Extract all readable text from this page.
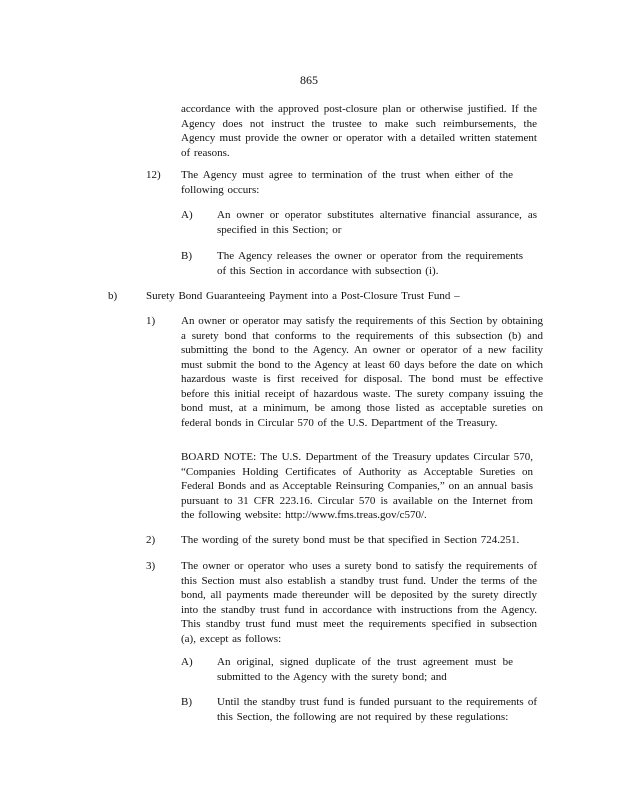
865
accordance with the approved post-closure plan or otherwise justified. If the Agency does not instruct the trustee to make such reimbursements, the Agency must provide the owner or operator with a detailed written statement of reasons.
12) The Agency must agree to termination of the trust when either of the following occurs:
A) An owner or operator substitutes alternative financial assurance, as specified in this Section; or
B) The Agency releases the owner or operator from the requirements of this Section in accordance with subsection (i).
b)	Surety Bond Guaranteeing Payment into a Post-Closure Trust Fund –
1) An owner or operator may satisfy the requirements of this Section by obtaining a surety bond that conforms to the requirements of this subsection (b) and submitting the bond to the Agency. An owner or operator of a new facility must submit the bond to the Agency at least 60 days before the date on which hazardous waste is first received for disposal. The bond must be effective before this initial receipt of hazardous waste. The surety company issuing the bond must, at a minimum, be among those listed as acceptable sureties on federal bonds in Circular 570 of the U.S. Department of the Treasury.
BOARD NOTE: The U.S. Department of the Treasury updates Circular 570, “Companies Holding Certificates of Authority as Acceptable Sureties on Federal Bonds and as Acceptable Reinsuring Companies,” on an annual basis pursuant to 31 CFR 223.16. Circular 570 is available on the Internet from the following website: http://www.fms.treas.gov/c570/.
2) The wording of the surety bond must be that specified in Section 724.251.
3) The owner or operator who uses a surety bond to satisfy the requirements of this Section must also establish a standby trust fund. Under the terms of the bond, all payments made thereunder will be deposited by the surety directly into the standby trust fund in accordance with instructions from the Agency. This standby trust fund must meet the requirements specified in subsection (a), except as follows:
A) An original, signed duplicate of the trust agreement must be submitted to the Agency with the surety bond; and
B) Until the standby trust fund is funded pursuant to the requirements of this Section, the following are not required by these regulations:
